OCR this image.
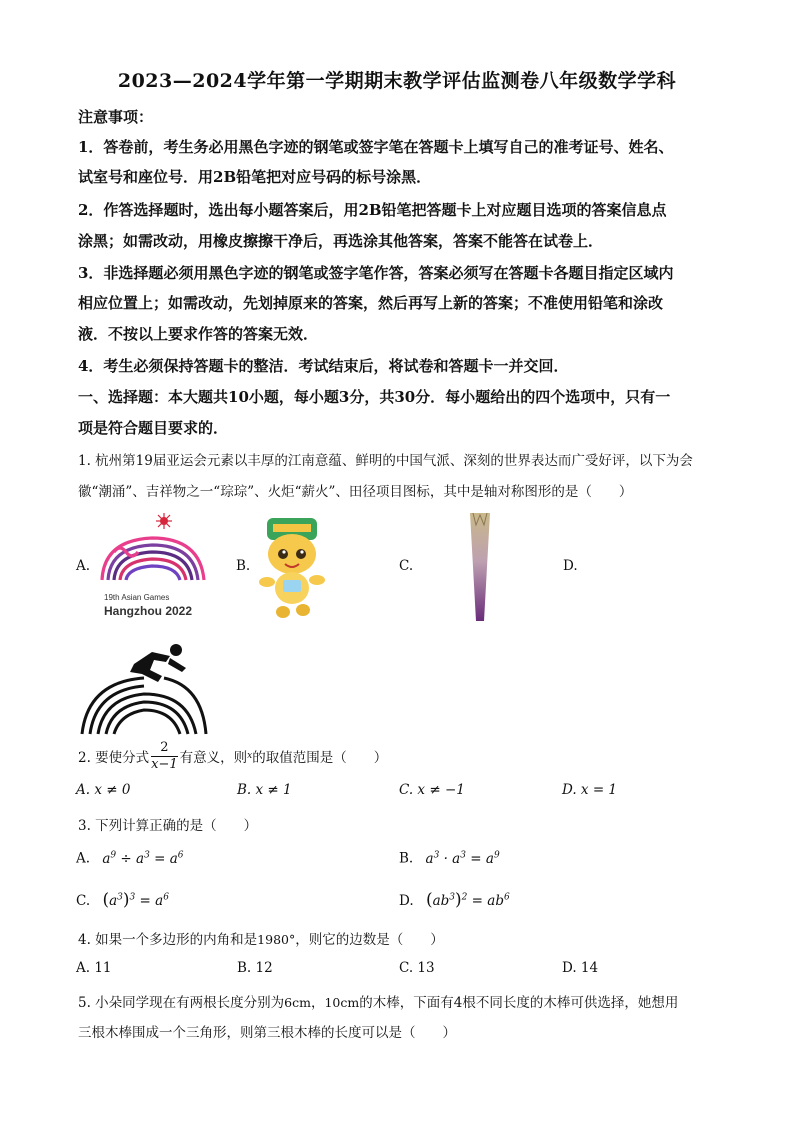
2023—2024学年第一学期期末教学评估监测卷八年级数学学科
注意事项：
1．答卷前，考生务必用黑色字迹的钢笔或签字笔在答题卡上填写自己的准考证号、姓名、
试室号和座位号．用2B铅笔把对应号码的标号涂黑．
2．作答选择题时，选出每小题答案后，用2B铅笔把答题卡上对应题目选项的答案信息点
涂黑；如需改动，用橡皮擦擦干净后，再选涂其他答案，答案不能答在试卷上．
3．非选择题必须用黑色字迹的钢笔或签字笔作答，答案必须写在答题卡各题目指定区域内
相应位置上；如需改动，先划掉原来的答案，然后再写上新的答案；不准使用铅笔和涂改
液．不按以上要求作答的答案无效．
4．考生必须保持答题卡的整洁．考试结束后，将试卷和答题卡一并交回．
一、选择题：本大题共10小题，每小题3分，共30分．每小题给出的四个选项中，只有一
项是符合题目要求的．
1. 杭州第19届亚运会元素以丰厚的江南意蕴、鲜明的中国气派、深刻的世界表达而广受好评，以下为会
徽“潮涌”、吉祥物之一“琮琮”、火炬“薪火”、田径项目图标，其中是轴对称图形的是（　　）
A.
19th Asian Games
Hangzhou 2022
B.	C.	D.
2. 要使分式 $\frac{2}{x-1}$ 有意义，则 x 的取值范围是（　　）
A. x ≠ 0	B. x ≠ 1	C. x ≠ −1	D. x = 1
3. 下列计算正确的是（　　）
A. $a^9 \div a^3 = a^6$	B. $a^3 \cdot a^3 = a^9$
C. $(a^3)^3 = a^6$	D. $(ab^3)^2 = ab^6$
4. 如果一个多边形的内角和是1980°，则它的边数是（　　）
A. 11	B. 12	C. 13	D. 14
5. 小朵同学现在有两根长度分别为6cm，10cm的木棒，下面有4根不同长度的木棒可供选择，她想用
三根木棒围成一个三角形，则第三根木棒的长度可以是（　　）
